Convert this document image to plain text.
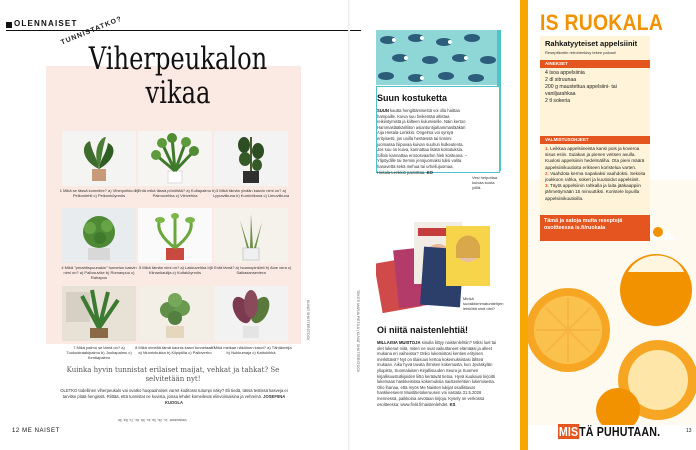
OLENNAISET
TUNNISTATKO?
Viherpeukalon
vikaa
1 Mikä se tässä komeilee? a) Viherpeikko b) Pelkonlehti c) Peikonköynnös
2 Entä mikä tässä pönöttää? a) Kultapalmu b) Palmuvehka c) Viirivehka
3 Mikä tämän ylvään kasvin nimi on? a) Lyyraviikuna b) Kumiviikuna c) Limoviikuna
4 Mikä "perahtispuunakin" tunnetun kasvin nimi on? a) Pallosuvike b) Romanpuu c) Rahapuu
5 Mikä tämän nimi on? a) Lakkuvehka b) Kiinankaulija c) Kultaköynnös
6 Entä tämä? a) Isoanopinkieli b) Aloe vera c) Salkasanseviera
7 Mikä palmu se tämä on? a) Tuokustraakipalmu b) Joukapalmu c) Kentiapalmu
8 Mikä nimeltä tämä kaunis kasvi tunnetaan? a) Muorinkukka b) Kilpipillia c) Palloverho
9 Mikä meikan näköinen kasvi? a) Tähtämeija b) Nukkumaja c) Kattokihkä
Kuinka hyvin tunnistat erilaiset maijat, vehkat ja tahkat? Se selvitetään nyt!
OLETKO todellinen viherpeukalo vai ovatko huopaahoiset varret koditossi tutumpi näky? Eli tiedä, tässä testissä kasveja ei tarvitse pitää hengissä. Riittää, että tunnistat ne kuvista, joissa lehdet komeilevat elinvoimaisina ja vehreinä. JOSEFIINA KUOGLA
Vastaukset: 1c, 2b, 3a, 4c, 5b, 6c, 7c, 8a, 9b
12 ME NAISET
KUVAT SHUTTERSTOCK	TEKSTI MARJA PIETILÄ | KUVAT SHUTTERSTOCK
Suun kostuketta
SUUN kautta hengittämisestä voi olla haittaa hampaille. Kuiva suu heikentää altistaa reikiintymistä ja kiilteen kulumiselle. Näin kertoo Hammaslääkäriliiton asiantuntijahammaslääkäri Aija Hietala-Lenkkiö. Ongelma voi syntyä erityisesti, jos unilla herätessä tai tinnimi juomassa hiipuvaa kuivan suuhun kulkeutenta. Jos suu on kuiva, kannattaa lisätä kostutuksia. Silloin kannattaa erooosvaarlon hiek kosteana. – Ylipöydille tai tremini jenojuomaksi tulisi valita hanavettä sekä mehua tai urheilujuomaa, Hietala-Lenkkiö painottaa. KO
Vesi helpottaa kuivaa suuta yöllä.
Minkä suosikkimmatuntiehjen lehtiöitä sinä olet?
Oi niitä naistenlehtiä!
MILLAISIA MUISTOJA sinulla liittyy naistenlehtiin? Miksi luet tai olet lukenut niitä, miten ne ovat vaikuttaneet elämääsi ja alleet mukana eri vaiheissa? Onko lukemistosi kenties erityisen merkittävä? Nyt on tilaisuus kertoa kokemuksistasi lähteä mukaan. Aika hyvä tavata ihmisen kokemusta, kun Jyväskylän yliopisto, Suomalaisen Kirjallisuuden Seura ja Suomen kirjallisuustutkijoiden liitto keräävät tietoa. Hyvä kuukausi kirjoitti lukemaan hankkeisissa kokemuksia naistenlehtien lukemisesta. Olio ihanaa, että myös Me Naisten lukijat osallistuvat hankkeeseen! Muistitietokeruusen voi vastata 31.5.2026 mennessä, paikkoina arvotaan kirjoja. Kysely on verkossa osoitteessa: www.finlit.fi/naistenlehdet. KS
IS RUOKALA
Rahkatyyteiset appelsiinit
Reseptikortin retrohenkisy tekee paluun!
AINEKSET
4 isoa appelsiinia
2 dl sitruunaa
200 g maustettua appelsiini- tai vaniljarahkaa
2 tl sokeria
VALMISTUSOHJEET
1. Leikkaa appelsiineista kansi pois ja koveroa sisus esiin. Sulakan ja pienen veitsen avulla. Kuulosi appelsiinin hedelmäliha. Ota pieni määrä appelsiinikuutioita erikseen koristelua varten.
2. Vaahdota kerma napakaksi vaahdoksi. Sekoita joukkoon rahka, sokeri ja kuutioidut appelsiinit.
3. Täytä appelsiinin rahkalla ja laita jääkaappiin jähmettymään 15 minuuttiksi. Koristele lopuilla appelsiinikuutioilla.
Tämä ja satoja muita reseptejä osoitteessa is.fi/ruokala
MISTÄ PUHUTAAN.	13
